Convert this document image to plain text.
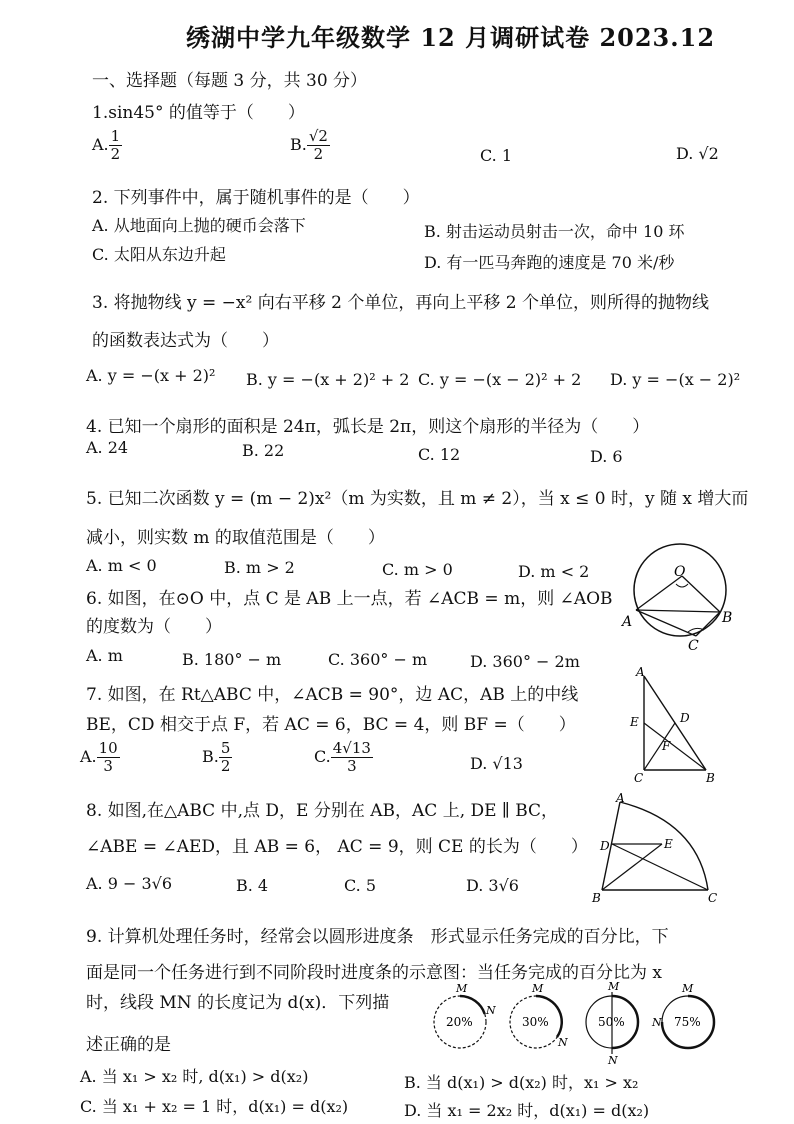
绣湖中学九年级数学 12 月调研试卷 2023.12
一、选择题（每题 3 分，共 30 分）
1.sin45° 的值等于（　　）
A. $\frac{1}{2}$	B. $\frac{√2}{2}$	C. 1	D. √2
2. 下列事件中，属于随机事件的是（　　）
A. 从地面向上抛的硬币会落下	B. 射击运动员射击一次，命中 10 环
C. 太阳从东边升起	D. 有一匹马奔跑的速度是 70 米/秒
3. 将抛物线 y = −x² 向右平移 2 个单位，再向上平移 2 个单位，则所得的抛物线
的函数表达式为（　　）
A. y = −(x + 2)² B. y = −(x + 2)² + 2 C. y = −(x − 2)² + 2 D. y = −(x − 2)²
4. 已知一个扇形的面积是 24π，弧长是 2π，则这个扇形的半径为（　　）
A. 24	B. 22	C. 12	D. 6
5. 已知二次函数 y = (m − 2)x²（m 为实数，且 m ≠ 2），当 x ≤ 0 时，y 随 x 增大而
减小，则实数 m 的取值范围是（　　）
A. m < 0	B. m > 2	C. m > 0	D. m < 2
6. 如图，在⊙O 中，点 C 是 AB 上一点，若 ∠ACB = m，则 ∠AOB
的度数为（　　）
A. m	B. 180° − m	C. 360° − m	D. 360° − 2m
O
A	B
C
7. 如图，在 Rt△ABC 中，∠ACB = 90°，边 AC，AB 上的中线
BE，CD 相交于点 F，若 AC = 6，BC = 4，则 BF =（　　）
A. $\frac{10}{3}$	B. $\frac{5}{2}$	C. $\frac{4√13}{3}$	D. √13
A
E	D
F
C	B
8. 如图,在△ABC 中,点 D，E 分别在 AB，AC 上, DE ∥ BC，
∠ABE = ∠AED，且 AB = 6， AC = 9，则 CE 的长为（　　）
A. 9 − 3√6	B. 4	C. 5	D. 3√6
A
D	E
B	C
9. 计算机处理任务时，经常会以圆形进度条　形式显示任务完成的百分比，下
面是同一个任务进行到不同阶段时进度条的示意图：当任务完成的百分比为 x
时，线段 MN 的长度记为 d(x)．下列描
述正确的是
20%
M
N
30%
M
N
50%
M
N
75%
M
N
A. 当 x₁ > x₂ 时, d(x₁) > d(x₂)	B. 当 d(x₁) > d(x₂) 时，x₁ > x₂
C. 当 x₁ + x₂ = 1 时，d(x₁) = d(x₂)	D. 当 x₁ = 2x₂ 时，d(x₁) = d(x₂)
